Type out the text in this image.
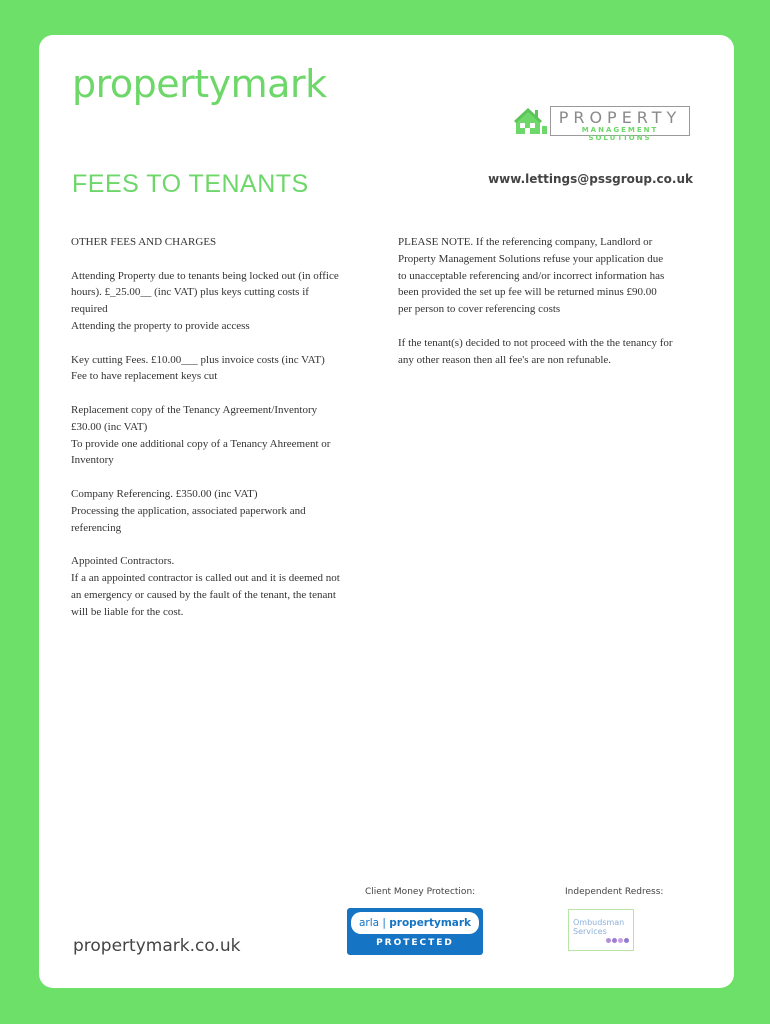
propertymark
PROPERTY
MANAGEMENT SOLUTIONS
FEES TO TENANTS	www.lettings@pssgroup.co.uk

OTHER FEES AND CHARGES

Attending Property due to tenants being locked out (in office
hours). £_25.00__ (inc VAT) plus keys cutting costs if
required
Attending the property to provide access

Key cutting Fees. £10.00___ plus invoice costs (inc VAT)
Fee to have replacement keys cut

Replacement copy of the Tenancy Agreement/Inventory
£30.00 (inc VAT)
To provide one additional copy of a Tenancy Ahreement or
Inventory

Company Referencing. £350.00 (inc VAT)
Processing the application, associated paperwork and
referencing

Appointed Contractors.
If a an appointed contractor is called out and it is deemed not
an emergency or caused by the fault of the tenant, the tenant
will be liable for the cost.

PLEASE NOTE. If the referencing company, Landlord or
Property Management Solutions refuse your application due
to unacceptable referencing and/or incorrect information has
been provided the set up fee will be returned minus £90.00
per person to cover referencing costs

If the tenant(s) decided to not proceed with the the tenancy for
any other reason then all fee's are non refunable.

Client Money Protection:	Independent Redress:
arla | propertymark
PROTECTED
Ombudsman
Services
propertymark.co.uk
